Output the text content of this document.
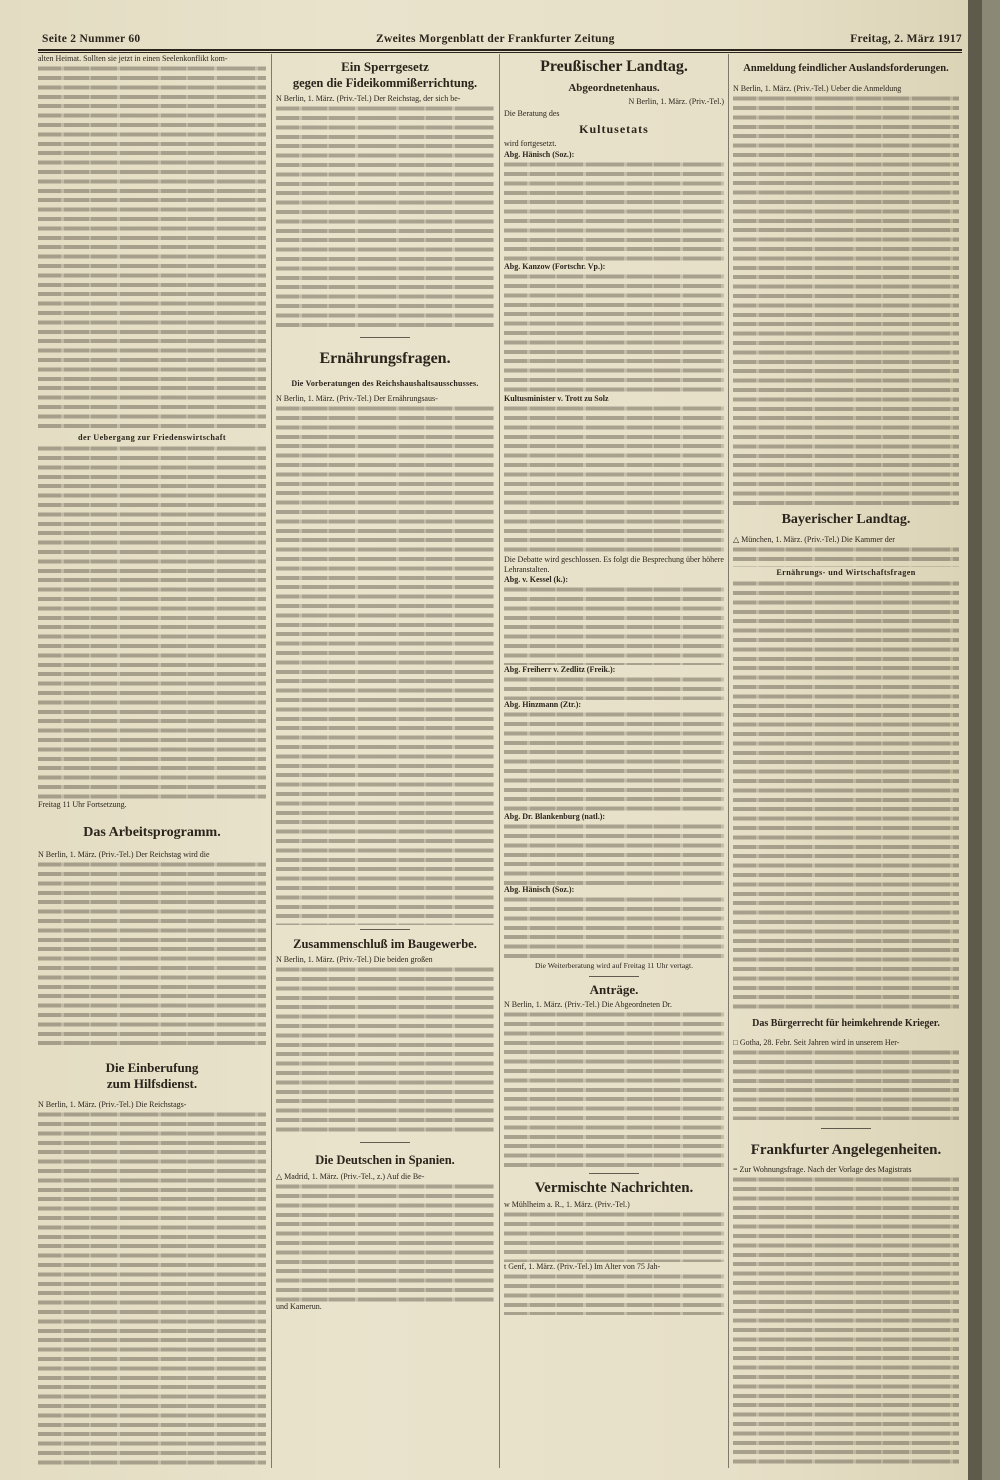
Seite 2 Nummer 60	Zweites Morgenblatt der Frankfurter Zeitung	Freitag, 2. März 1917
alten Heimat. Sollten sie jetzt in einen Seelenkonflikt kom-
der Uebergang zur Friedenswirtschaft
Freitag 11 Uhr Fortsetzung.
Das Arbeitsprogramm.
N Berlin, 1. März. (Priv.-Tel.) Der Reichstag wird die
Die Einberufung
zum Hilfsdienst.
N Berlin, 1. März. (Priv.-Tel.) Die Reichstags-
Ein Sperrgesetz
gegen die Fideikommißerrichtung.
N Berlin, 1. März. (Priv.-Tel.) Der Reichstag, der sich be-
Ernährungsfragen.
Die Vorberatungen des Reichshaushaltsausschusses.
N Berlin, 1. März. (Priv.-Tel.) Der Ernährungsaus-
Zusammenschluß im Baugewerbe.
N Berlin, 1. März. (Priv.-Tel.) Die beiden großen
Die Deutschen in Spanien.
△ Madrid, 1. März. (Priv.-Tel., z.) Auf die Be-
und Kamerun.
Preußischer Landtag.
Abgeordnetenhaus.
N Berlin, 1. März. (Priv.-Tel.)
Die Beratung des
Kultusetats
wird fortgesetzt.
Abg. Hänisch (Soz.):
Abg. Kanzow (Fortschr. Vp.):
Kultusminister v. Trott zu Solz
Die Debatte wird geschlossen. Es folgt die Besprechung über höhere Lehranstalten.
Abg. v. Kessel (k.):
Abg. Freiherr v. Zedlitz (Freik.):
Abg. Hinzmann (Ztr.):
Abg. Dr. Blankenburg (natl.):
Abg. Hänisch (Soz.):
Die Weiterberatung wird auf Freitag 11 Uhr vertagt.
Anträge.
N Berlin, 1. März. (Priv.-Tel.) Die Abgeordneten Dr.
Vermischte Nachrichten.
w Mühlheim a. R., 1. März. (Priv.-Tel.)
t Genf, 1. März. (Priv.-Tel.) Im Alter von 75 Jah-
Anmeldung feindlicher Auslandsforderungen.
N Berlin, 1. März. (Priv.-Tel.) Ueber die Anmeldung
Bayerischer Landtag.
△ München, 1. März. (Priv.-Tel.) Die Kammer der
Ernährungs- und Wirtschaftsfragen
Das Bürgerrecht für heimkehrende Krieger.
□ Gotha, 28. Febr. Seit Jahren wird in unserem Her-
Frankfurter Angelegenheiten.
= Zur Wohnungsfrage. Nach der Vorlage des Magistrats
